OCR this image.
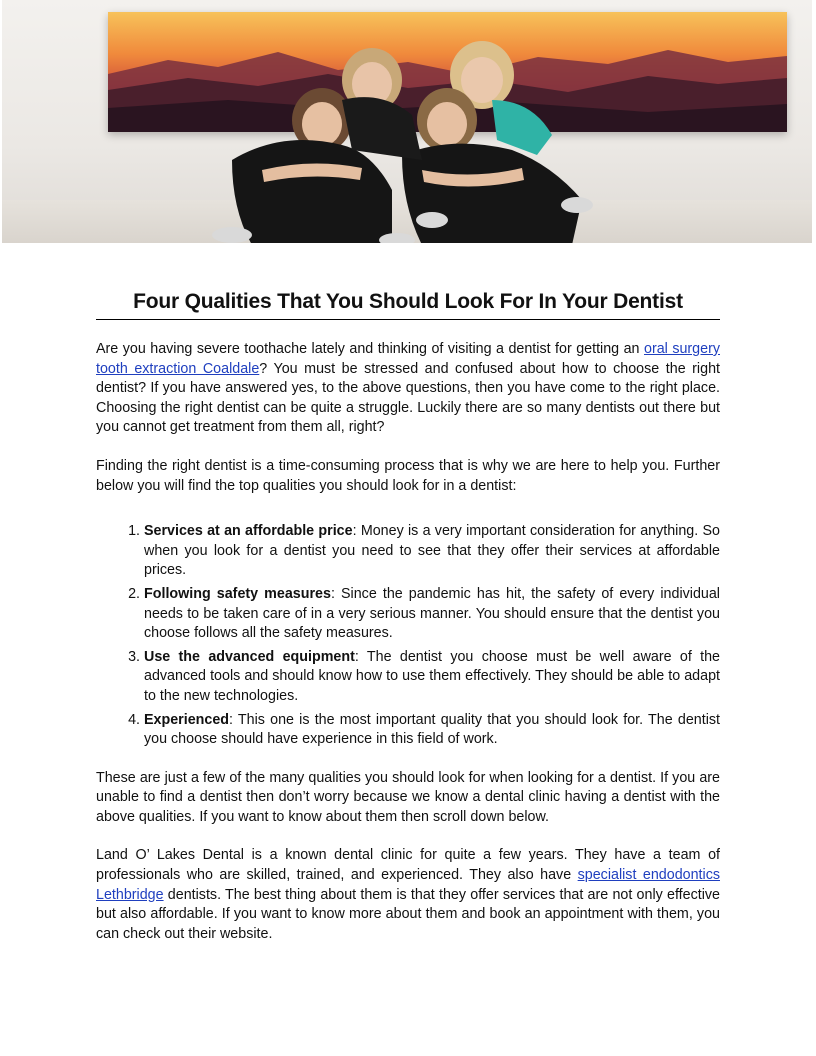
Four Qualities That You Should Look For In Your Dentist

Are you having severe toothache lately and thinking of visiting a dentist for getting an oral surgery tooth extraction Coaldale? You must be stressed and confused about how to choose the right dentist? If you have answered yes, to the above questions, then you have come to the right place. Choosing the right dentist can be quite a struggle. Luckily there are so many dentists out there but you cannot get treatment from them all, right?

Finding the right dentist is a time-consuming process that is why we are here to help you. Further below you will find the top qualities you should look for in a dentist:

1. Services at an affordable price: Money is a very important consideration for anything. So when you look for a dentist you need to see that they offer their services at affordable prices.
2. Following safety measures: Since the pandemic has hit, the safety of every individual needs to be taken care of in a very serious manner. You should ensure that the dentist you choose follows all the safety measures.
3. Use the advanced equipment: The dentist you choose must be well aware of the advanced tools and should know how to use them effectively. They should be able to adapt to the new technologies.
4. Experienced: This one is the most important quality that you should look for. The dentist you choose should have experience in this field of work.

These are just a few of the many qualities you should look for when looking for a dentist. If you are unable to find a dentist then don’t worry because we know a dental clinic having a dentist with the above qualities. If you want to know about them then scroll down below.

Land O’ Lakes Dental is a known dental clinic for quite a few years. They have a team of professionals who are skilled, trained, and experienced. They also have specialist endodontics Lethbridge dentists. The best thing about them is that they offer services that are not only effective but also affordable. If you want to know more about them and book an appointment with them, you can check out their website.
